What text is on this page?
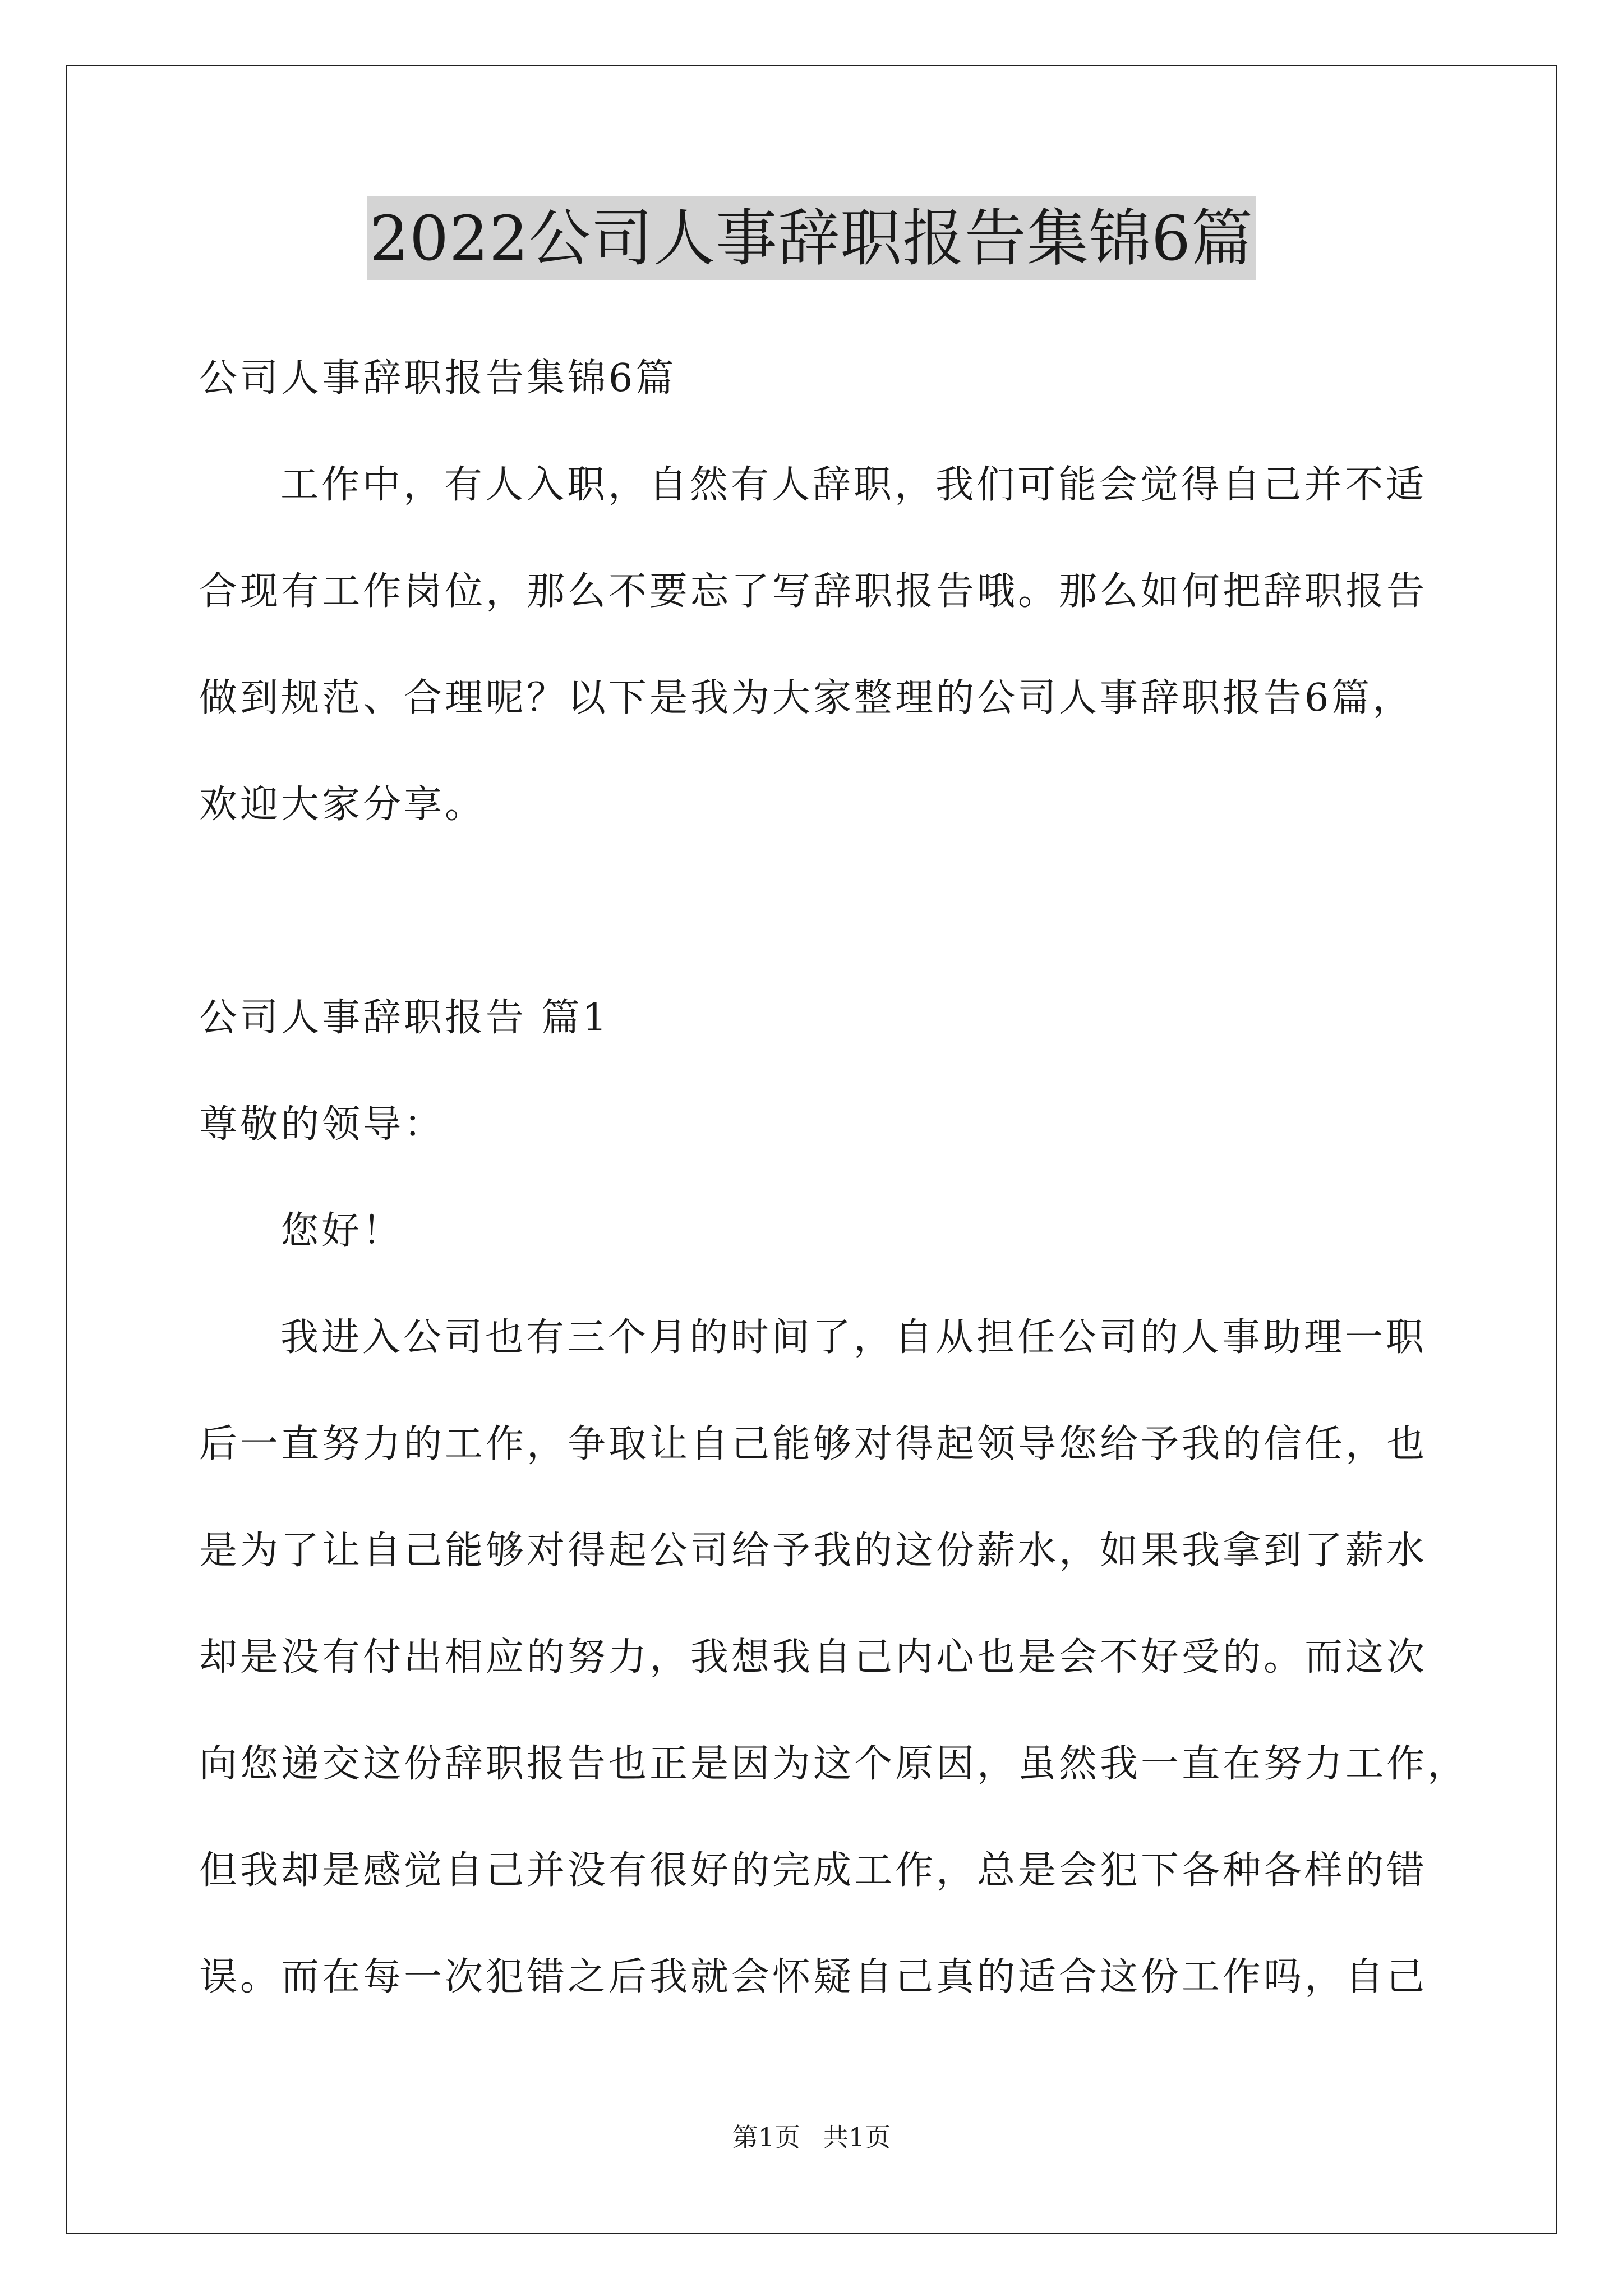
2022公司人事辞职报告集锦6篇
公司人事辞职报告集锦6篇
工作中，有人入职，自然有人辞职，我们可能会觉得自己并不适
合现有工作岗位，那么不要忘了写辞职报告哦。那么如何把辞职报告
做到规范、合理呢？以下是我为大家整理的公司人事辞职报告6篇，
欢迎大家分享。
公司人事辞职报告 篇1
尊敬的领导：
您好！
我进入公司也有三个月的时间了，自从担任公司的人事助理一职
后一直努力的工作，争取让自己能够对得起领导您给予我的信任，也
是为了让自己能够对得起公司给予我的这份薪水，如果我拿到了薪水
却是没有付出相应的努力，我想我自己内心也是会不好受的。而这次
向您递交这份辞职报告也正是因为这个原因，虽然我一直在努力工作，
但我却是感觉自己并没有很好的完成工作，总是会犯下各种各样的错
误。而在每一次犯错之后我就会怀疑自己真的适合这份工作吗，自己
第1页 共1页
